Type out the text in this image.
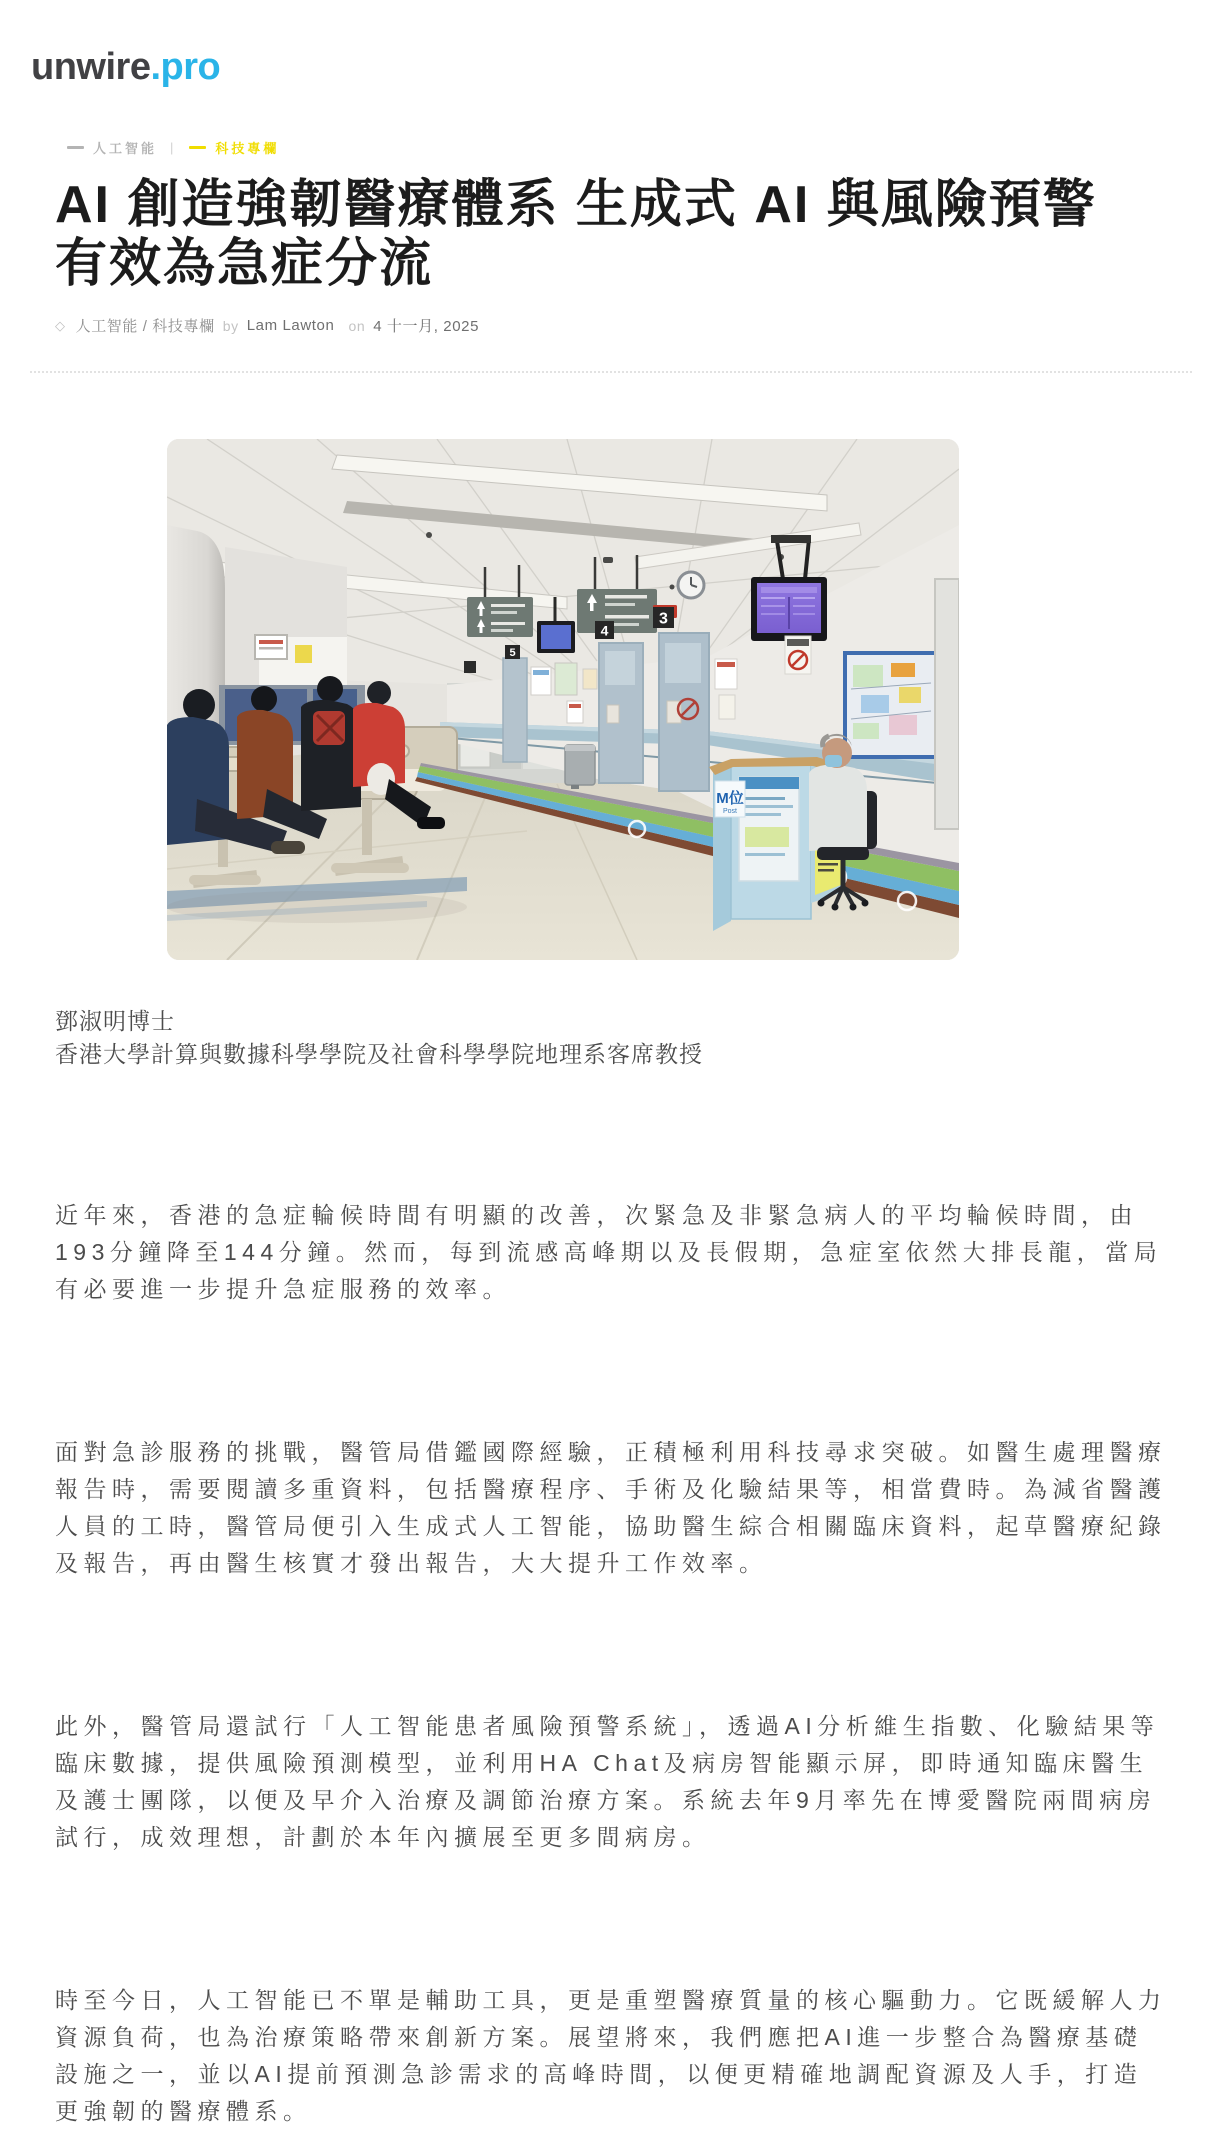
unwire.pro
人工智能 |	科技專欄
AI 創造強韌醫療體系 生成式 AI 與風險預警
有效為急症分流
◇ 人工智能 / 科技專欄 by Lam Lawton on 4 十一月, 2025
5
4
3
M位
Post
鄧淑明博士
香港大學計算與數據科學學院及社會科學學院地理系客席教授

近年來，香港的急症輪候時間有明顯的改善，次緊急及非緊急病人的平均輪候時間，由193分鐘降至144分鐘。然而，每到流感高峰期以及長假期，急症室依然大排長龍，當局有必要進一步提升急症服務的效率。

面對急診服務的挑戰，醫管局借鑑國際經驗，正積極利用科技尋求突破。如醫生處理醫療報告時，需要閱讀多重資料，包括醫療程序、手術及化驗結果等，相當費時。為減省醫護人員的工時，醫管局便引入生成式人工智能，協助醫生綜合相關臨床資料，起草醫療紀錄及報告，再由醫生核實才發出報告，大大提升工作效率。

此外，醫管局還試行「人工智能患者風險預警系統」，透過AI分析維生指數、化驗結果等臨床數據，提供風險預測模型，並利用HA Chat及病房智能顯示屏，即時通知臨床醫生及護士團隊，以便及早介入治療及調節治療方案。系統去年9月率先在博愛醫院兩間病房試行，成效理想，計劃於本年內擴展至更多間病房。

時至今日，人工智能已不單是輔助工具，更是重塑醫療質量的核心驅動力。它既緩解人力資源負荷，也為治療策略帶來創新方案。展望將來，我們應把AI進一步整合為醫療基礎設施之一，並以AI提前預測急診需求的高峰時間，以便更精確地調配資源及人手，打造更強韌的醫療體系。
